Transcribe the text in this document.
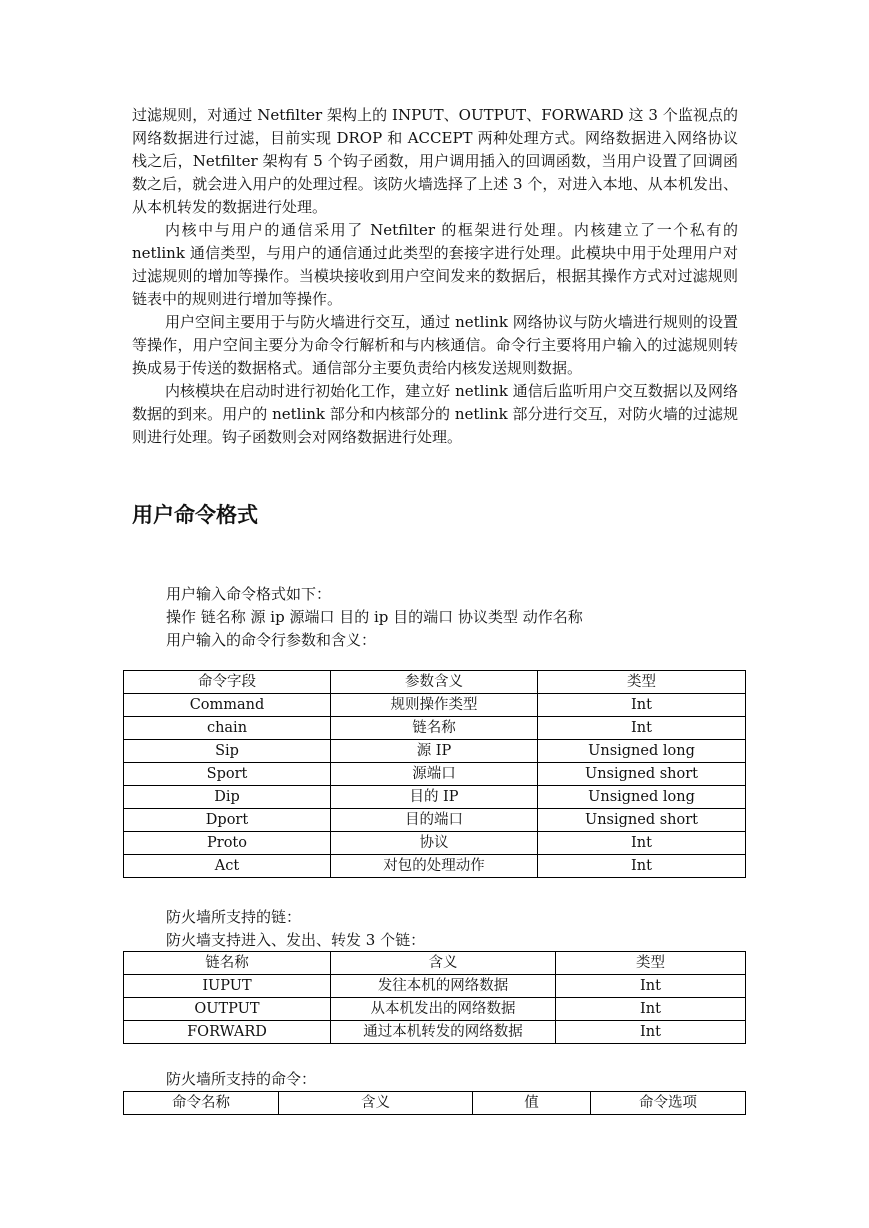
过滤规则，对通过 Netfilter 架构上的 INPUT、OUTPUT、FORWARD 这 3 个监视点的网络数据进行过滤，目前实现 DROP 和 ACCEPT 两种处理方式。网络数据进入网络协议栈之后，Netfilter 架构有 5 个钩子函数，用户调用插入的回调函数，当用户设置了回调函数之后，就会进入用户的处理过程。该防火墙选择了上述 3 个，对进入本地、从本机发出、从本机转发的数据进行处理。

内核中与用户的通信采用了 Netfilter 的框架进行处理。内核建立了一个私有的 netlink 通信类型，与用户的通信通过此类型的套接字进行处理。此模块中用于处理用户对过滤规则的增加等操作。当模块接收到用户空间发来的数据后，根据其操作方式对过滤规则链表中的规则进行增加等操作。

用户空间主要用于与防火墙进行交互，通过 netlink 网络协议与防火墙进行规则的设置等操作，用户空间主要分为命令行解析和与内核通信。命令行主要将用户输入的过滤规则转换成易于传送的数据格式。通信部分主要负责给内核发送规则数据。

内核模块在启动时进行初始化工作，建立好 netlink 通信后监听用户交互数据以及网络数据的到来。用户的 netlink 部分和内核部分的 netlink 部分进行交互，对防火墙的过滤规则进行处理。钩子函数则会对网络数据进行处理。

用户命令格式
用户输入命令格式如下：
操作 链名称 源 ip 源端口 目的 ip 目的端口 协议类型 动作名称
用户输入的命令行参数和含义：
命令字段	参数含义	类型
Command	规则操作类型	Int
chain	链名称	Int
Sip	源 IP	Unsigned long
Sport	源端口	Unsigned short
Dip	目的 IP	Unsigned long
Dport	目的端口	Unsigned short
Proto	协议	Int
Act	对包的处理动作	Int
防火墙所支持的链：
防火墙支持进入、发出、转发 3 个链：
链名称	含义	类型
IUPUT	发往本机的网络数据	Int
OUTPUT	从本机发出的网络数据	Int
FORWARD	通过本机转发的网络数据	Int
防火墙所支持的命令：
命令名称	含义	值	命令选项
